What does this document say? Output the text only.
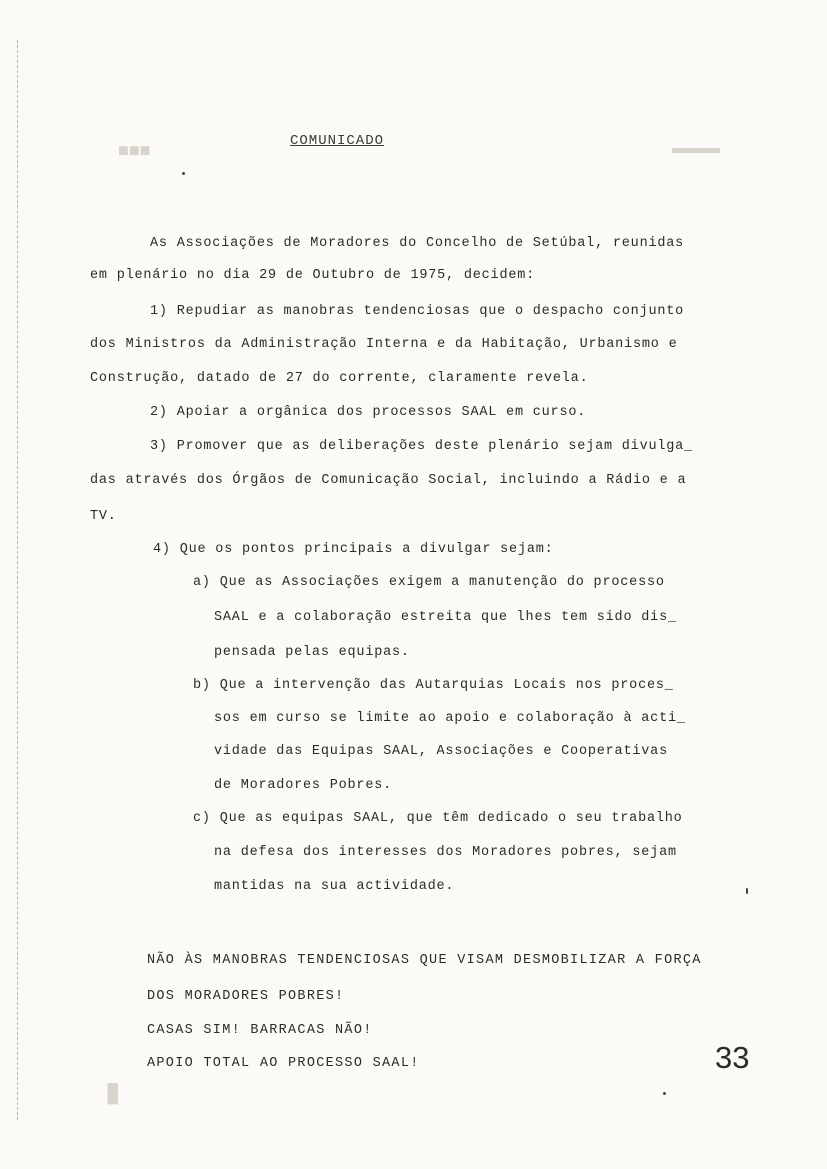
■■■	▬▬▬
▮
COMUNICADO
As Associações de Moradores do Concelho de Setúbal, reunidas
em plenário no dia 29 de Outubro de 1975, decidem:
1) Repudiar as manobras tendenciosas que o despacho conjunto
dos Ministros da Administração Interna e da Habitação, Urbanismo e
Construção, datado de 27 do corrente, claramente revela.
2) Apoiar a orgânica dos processos SAAL em curso.
3) Promover que as deliberações deste plenário sejam divulga_
das através dos Órgãos de Comunicação Social, incluindo a Rádio e a
TV.
4) Que os pontos principais a divulgar sejam:
a) Que as Associações exigem a manutenção do processo
SAAL e a colaboração estreita que lhes tem sido dis_
pensada pelas equipas.
b) Que a intervenção das Autarquias Locais nos proces_
sos em curso se limite ao apoio e colaboração à acti_
vidade das Equipas SAAL, Associações e Cooperativas
de Moradores Pobres.
c) Que as equipas SAAL, que têm dedicado o seu trabalho
na defesa dos interesses dos Moradores pobres, sejam
mantidas na sua actividade.
NÃO ÀS MANOBRAS TENDENCIOSAS QUE VISAM DESMOBILIZAR A FORÇA
DOS MORADORES POBRES!
CASAS SIM! BARRACAS NÃO!
APOIO TOTAL AO PROCESSO SAAL!	33
